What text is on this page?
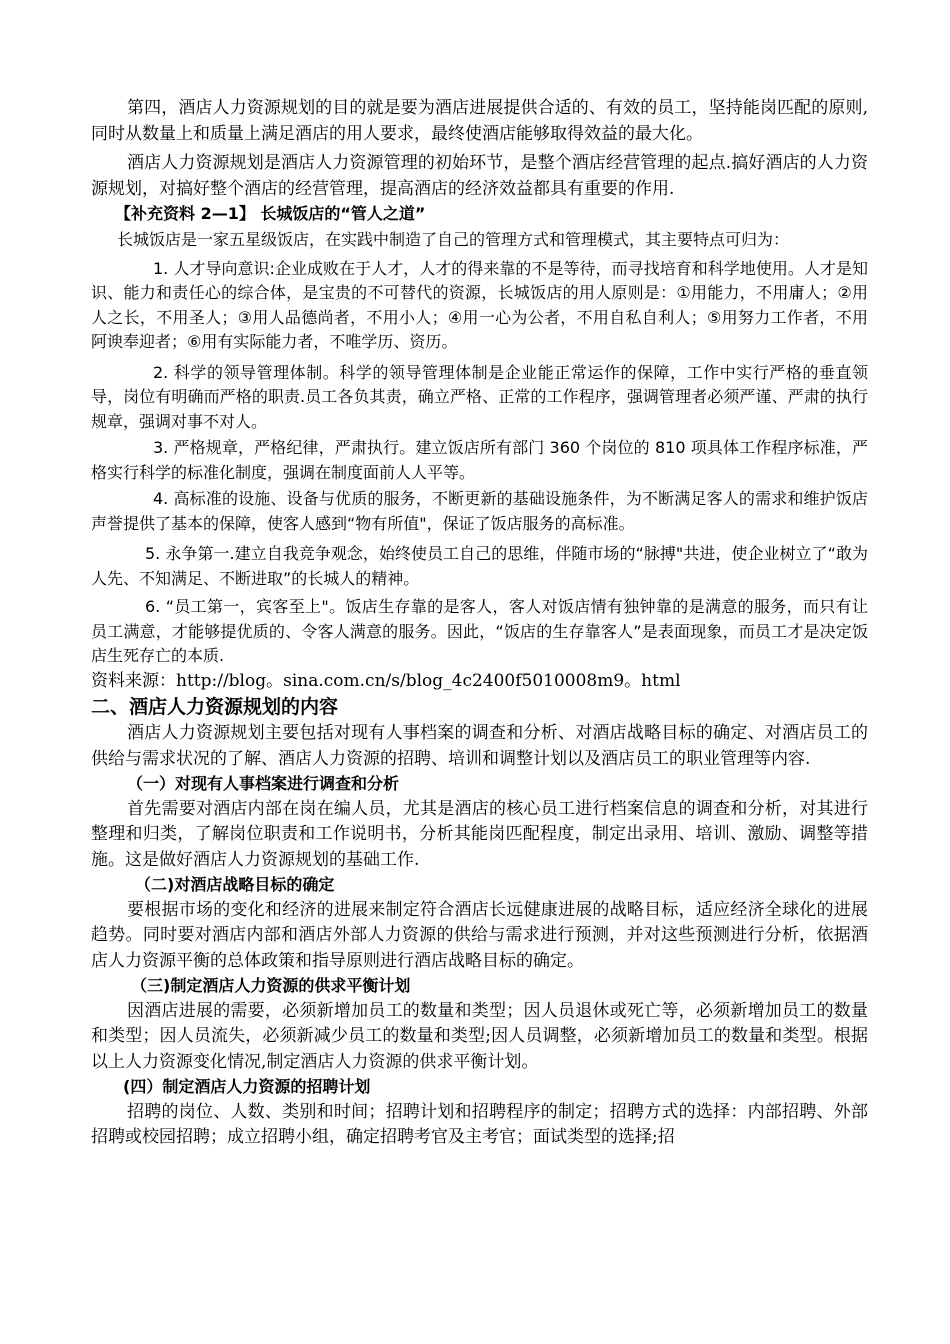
第四，酒店人力资源规划的目的就是要为酒店进展提供合适的、有效的员工，坚持能岗匹配的原则,同时从数量上和质量上满足酒店的用人要求，最终使酒店能够取得效益的最大化。

酒店人力资源规划是酒店人力资源管理的初始环节，是整个酒店经营管理的起点.搞好酒店的人力资源规划，对搞好整个酒店的经营管理，提高酒店的经济效益都具有重要的作用.

【补充资料 2—1】 长城饭店的“管人之道”

长城饭店是一家五星级饭店，在实践中制造了自己的管理方式和管理模式，其主要特点可归为：

1. 人才导向意识:企业成败在于人才，人才的得来靠的不是等待，而寻找培育和科学地使用。人才是知识、能力和责任心的综合体，是宝贵的不可替代的资源，长城饭店的用人原则是：①用能力，不用庸人；②用人之长，不用圣人；③用人品德尚者，不用小人；④用一心为公者，不用自私自利人；⑤用努力工作者，不用阿谀奉迎者；⑥用有实际能力者，不唯学历、资历。

2. 科学的领导管理体制。科学的领导管理体制是企业能正常运作的保障，工作中实行严格的垂直领导，岗位有明确而严格的职责.员工各负其责，确立严格、正常的工作程序，强调管理者必须严谨、严肃的执行规章，强调对事不对人。

3. 严格规章，严格纪律，严肃执行。建立饭店所有部门 360 个岗位的 810 项具体工作程序标准，严格实行科学的标准化制度，强调在制度面前人人平等。

4. 高标准的设施、设备与优质的服务，不断更新的基础设施条件，为不断满足客人的需求和维护饭店声誉提供了基本的保障，使客人感到“物有所值"，保证了饭店服务的高标准。

5. 永争第一.建立自我竞争观念，始终使员工自己的思维，伴随市场的“脉搏"共进，使企业树立了“敢为人先、不知满足、不断进取”的长城人的精神。

6. “员工第一，宾客至上"。饭店生存靠的是客人，客人对饭店情有独钟靠的是满意的服务，而只有让员工满意，才能够提优质的、令客人满意的服务。因此，“饭店的生存靠客人”是表面现象，而员工才是决定饭店生死存亡的本质.

资料来源：http://blog。sina.com.cn/s/blog_4c2400f5010008m9。html

二、酒店人力资源规划的内容

酒店人力资源规划主要包括对现有人事档案的调查和分析、对酒店战略目标的确定、对酒店员工的供给与需求状况的了解、酒店人力资源的招聘、培训和调整计划以及酒店员工的职业管理等内容.

（一）对现有人事档案进行调查和分析

首先需要对酒店内部在岗在编人员，尤其是酒店的核心员工进行档案信息的调查和分析，对其进行整理和归类，了解岗位职责和工作说明书，分析其能岗匹配程度，制定出录用、培训、激励、调整等措施。这是做好酒店人力资源规划的基础工作.

（二)对酒店战略目标的确定

要根据市场的变化和经济的进展来制定符合酒店长远健康进展的战略目标，适应经济全球化的进展趋势。同时要对酒店内部和酒店外部人力资源的供给与需求进行预测，并对这些预测进行分析，依据酒店人力资源平衡的总体政策和指导原则进行酒店战略目标的确定。

（三)制定酒店人力资源的供求平衡计划

因酒店进展的需要，必须新增加员工的数量和类型；因人员退休或死亡等，必须新增加员工的数量和类型；因人员流失，必须新减少员工的数量和类型;因人员调整，必须新增加员工的数量和类型。根据以上人力资源变化情况,制定酒店人力资源的供求平衡计划。

(四）制定酒店人力资源的招聘计划

招聘的岗位、人数、类别和时间；招聘计划和招聘程序的制定；招聘方式的选择：内部招聘、外部招聘或校园招聘；成立招聘小组，确定招聘考官及主考官；面试类型的选择;招
